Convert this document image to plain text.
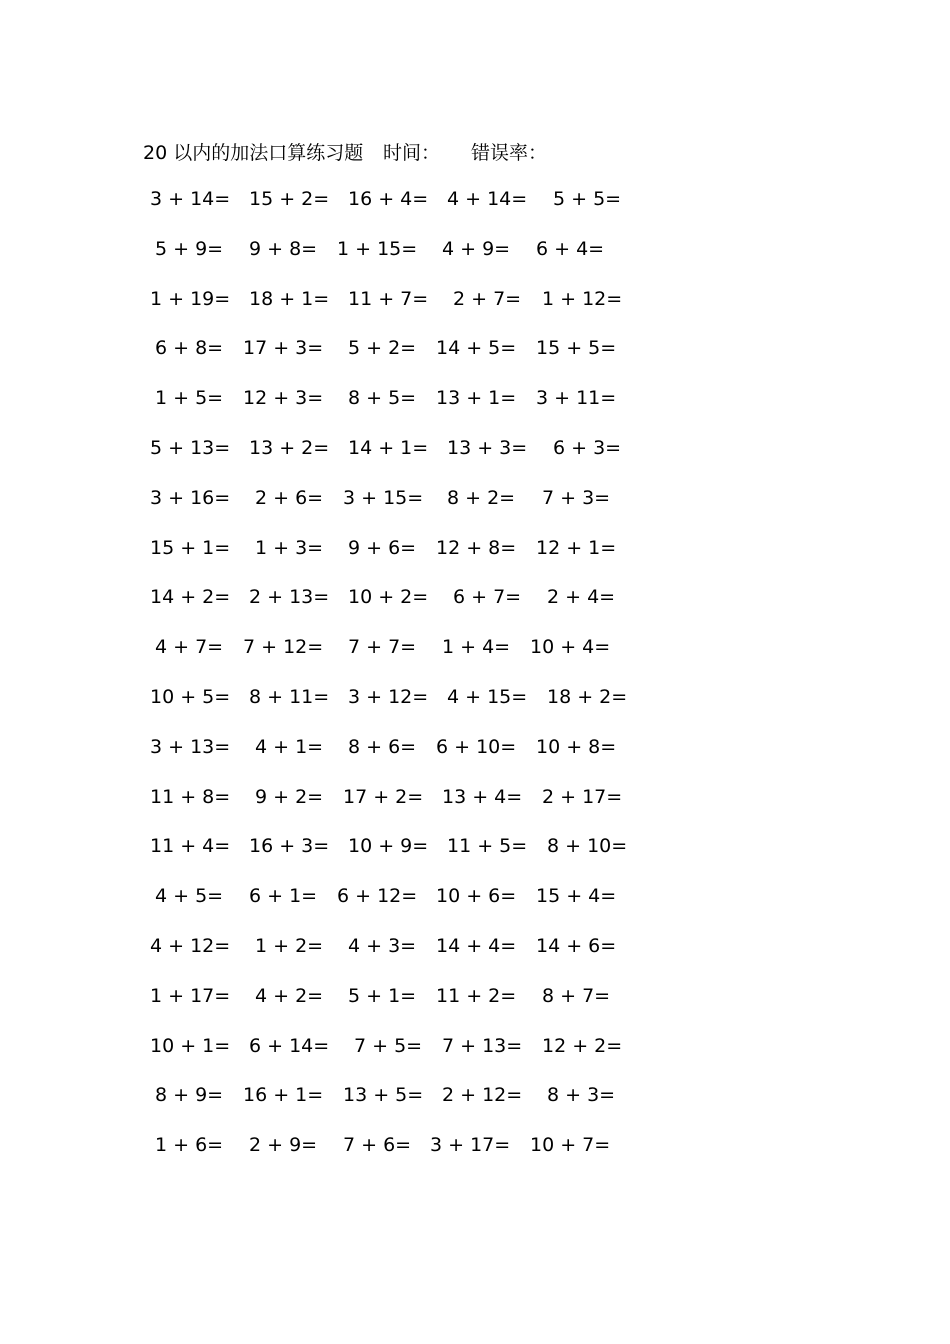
20 以内的加法口算练习题 时间： 错误率：
3 + 14= 15 + 2= 16 + 4= 4 + 14= 5 + 5=
5 + 9= 9 + 8= 1 + 15= 4 + 9= 6 + 4=
1 + 19= 18 + 1= 11 + 7= 2 + 7= 1 + 12=
6 + 8= 17 + 3= 5 + 2= 14 + 5= 15 + 5=
1 + 5= 12 + 3= 8 + 5= 13 + 1= 3 + 11=
5 + 13= 13 + 2= 14 + 1= 13 + 3= 6 + 3=
3 + 16= 2 + 6= 3 + 15= 8 + 2= 7 + 3=
15 + 1= 1 + 3= 9 + 6= 12 + 8= 12 + 1=
14 + 2= 2 + 13= 10 + 2= 6 + 7= 2 + 4=
4 + 7= 7 + 12= 7 + 7= 1 + 4= 10 + 4=
10 + 5= 8 + 11= 3 + 12= 4 + 15= 18 + 2=
3 + 13= 4 + 1= 8 + 6= 6 + 10= 10 + 8=
11 + 8= 9 + 2= 17 + 2= 13 + 4= 2 + 17=
11 + 4= 16 + 3= 10 + 9= 11 + 5= 8 + 10=
4 + 5= 6 + 1= 6 + 12= 10 + 6= 15 + 4=
4 + 12= 1 + 2= 4 + 3= 14 + 4= 14 + 6=
1 + 17= 4 + 2= 5 + 1= 11 + 2= 8 + 7=
10 + 1= 6 + 14= 7 + 5= 7 + 13= 12 + 2=
8 + 9= 16 + 1= 13 + 5= 2 + 12= 8 + 3=
1 + 6= 2 + 9= 7 + 6= 3 + 17= 10 + 7=
